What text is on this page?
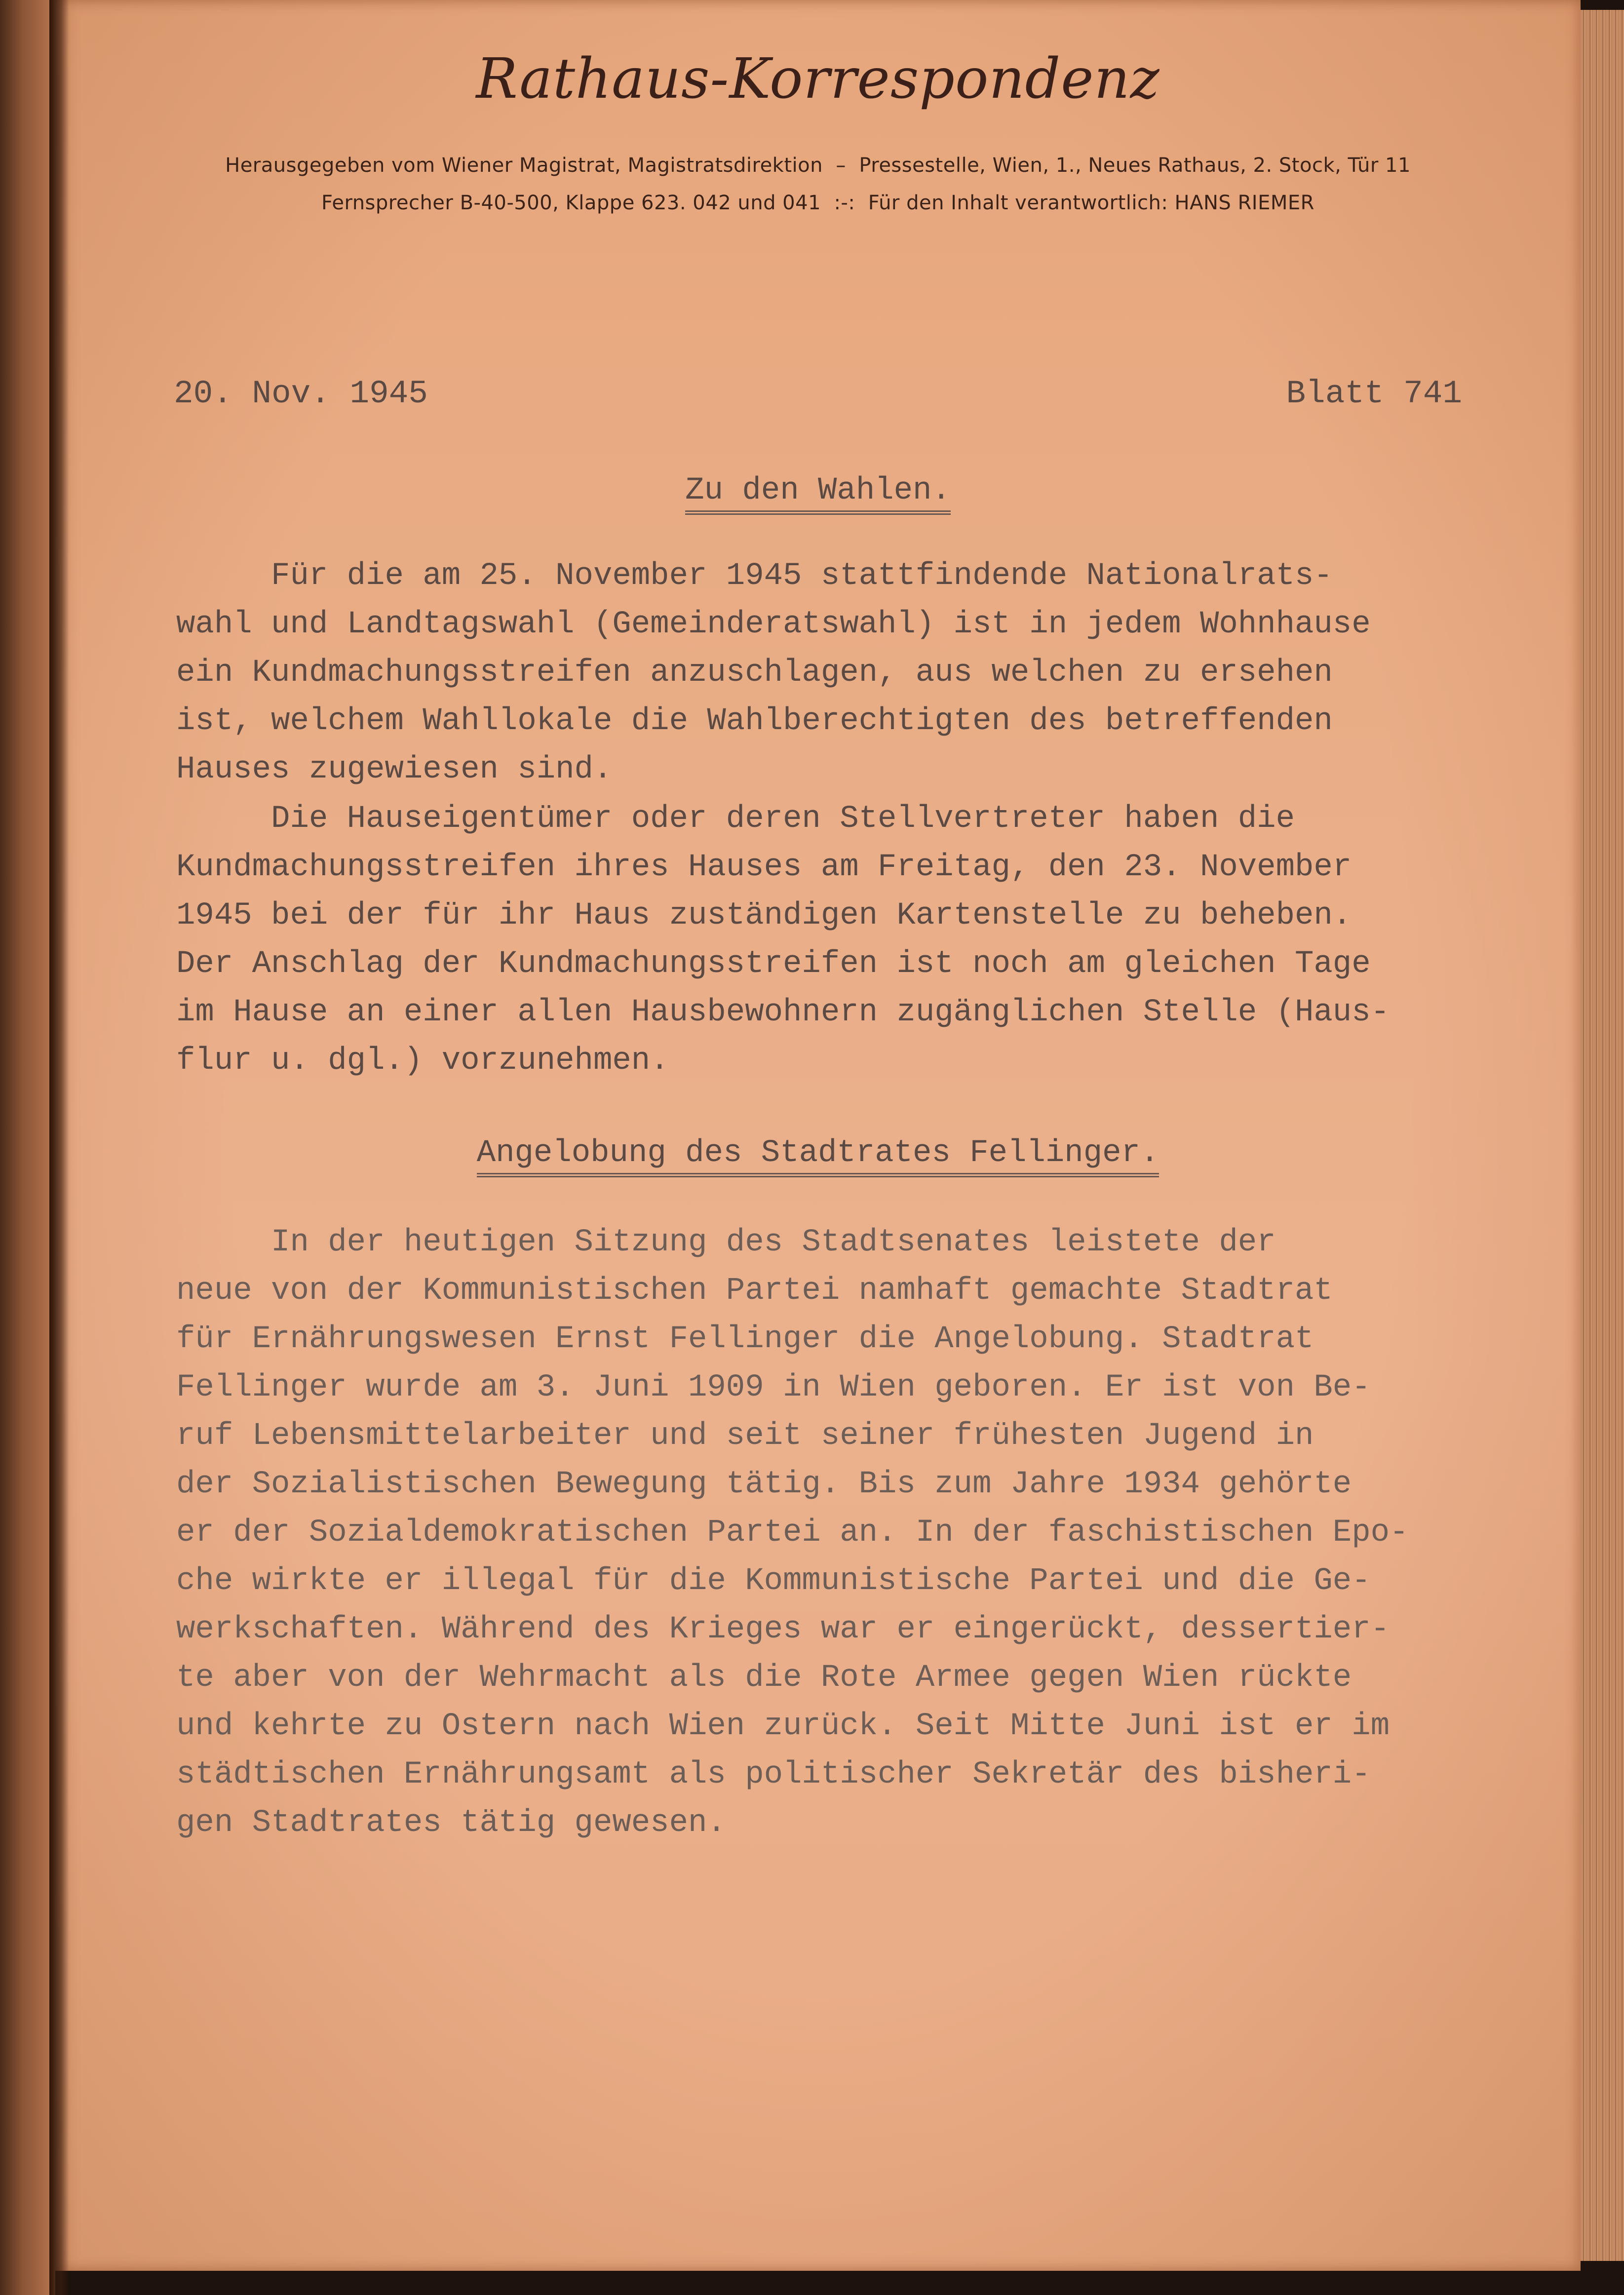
Rathaus-Korrespondenz
Herausgegeben vom Wiener Magistrat, Magistratsdirektion  –  Pressestelle, Wien, 1., Neues Rathaus, 2. Stock, Tür 11
Fernsprecher B-40-500, Klappe 623. 042 und 041  :-:  Für den Inhalt verantwortlich: HANS RIEMER
20. Nov. 1945	Blatt 741
Zu den Wahlen.
Für die am 25. November 1945 stattfindende Nationalrats-
wahl und Landtagswahl (Gemeinderatswahl) ist in jedem Wohnhause
ein Kundmachungsstreifen anzuschlagen, aus welchen zu ersehen
ist, welchem Wahllokale die Wahlberechtigten des betreffenden
Hauses zugewiesen sind.
Die Hauseigentümer oder deren Stellvertreter haben die
Kundmachungsstreifen ihres Hauses am Freitag, den 23. November
1945 bei der für ihr Haus zuständigen Kartenstelle zu beheben.
Der Anschlag der Kundmachungsstreifen ist noch am gleichen Tage
im Hause an einer allen Hausbewohnern zugänglichen Stelle (Haus-
flur u. dgl.) vorzunehmen.
Angelobung des Stadtrates Fellinger.
In der heutigen Sitzung des Stadtsenates leistete der
neue von der Kommunistischen Partei namhaft gemachte Stadtrat
für Ernährungswesen Ernst Fellinger die Angelobung. Stadtrat
Fellinger wurde am 3. Juni 1909 in Wien geboren. Er ist von Be-
ruf Lebensmittelarbeiter und seit seiner frühesten Jugend in
der Sozialistischen Bewegung tätig. Bis zum Jahre 1934 gehörte
er der Sozialdemokratischen Partei an. In der faschistischen Epo-
che wirkte er illegal für die Kommunistische Partei und die Ge-
werkschaften. Während des Krieges war er eingerückt, dessertier-
te aber von der Wehrmacht als die Rote Armee gegen Wien rückte
und kehrte zu Ostern nach Wien zurück. Seit Mitte Juni ist er im
städtischen Ernährungsamt als politischer Sekretär des bisheri-
gen Stadtrates tätig gewesen.
